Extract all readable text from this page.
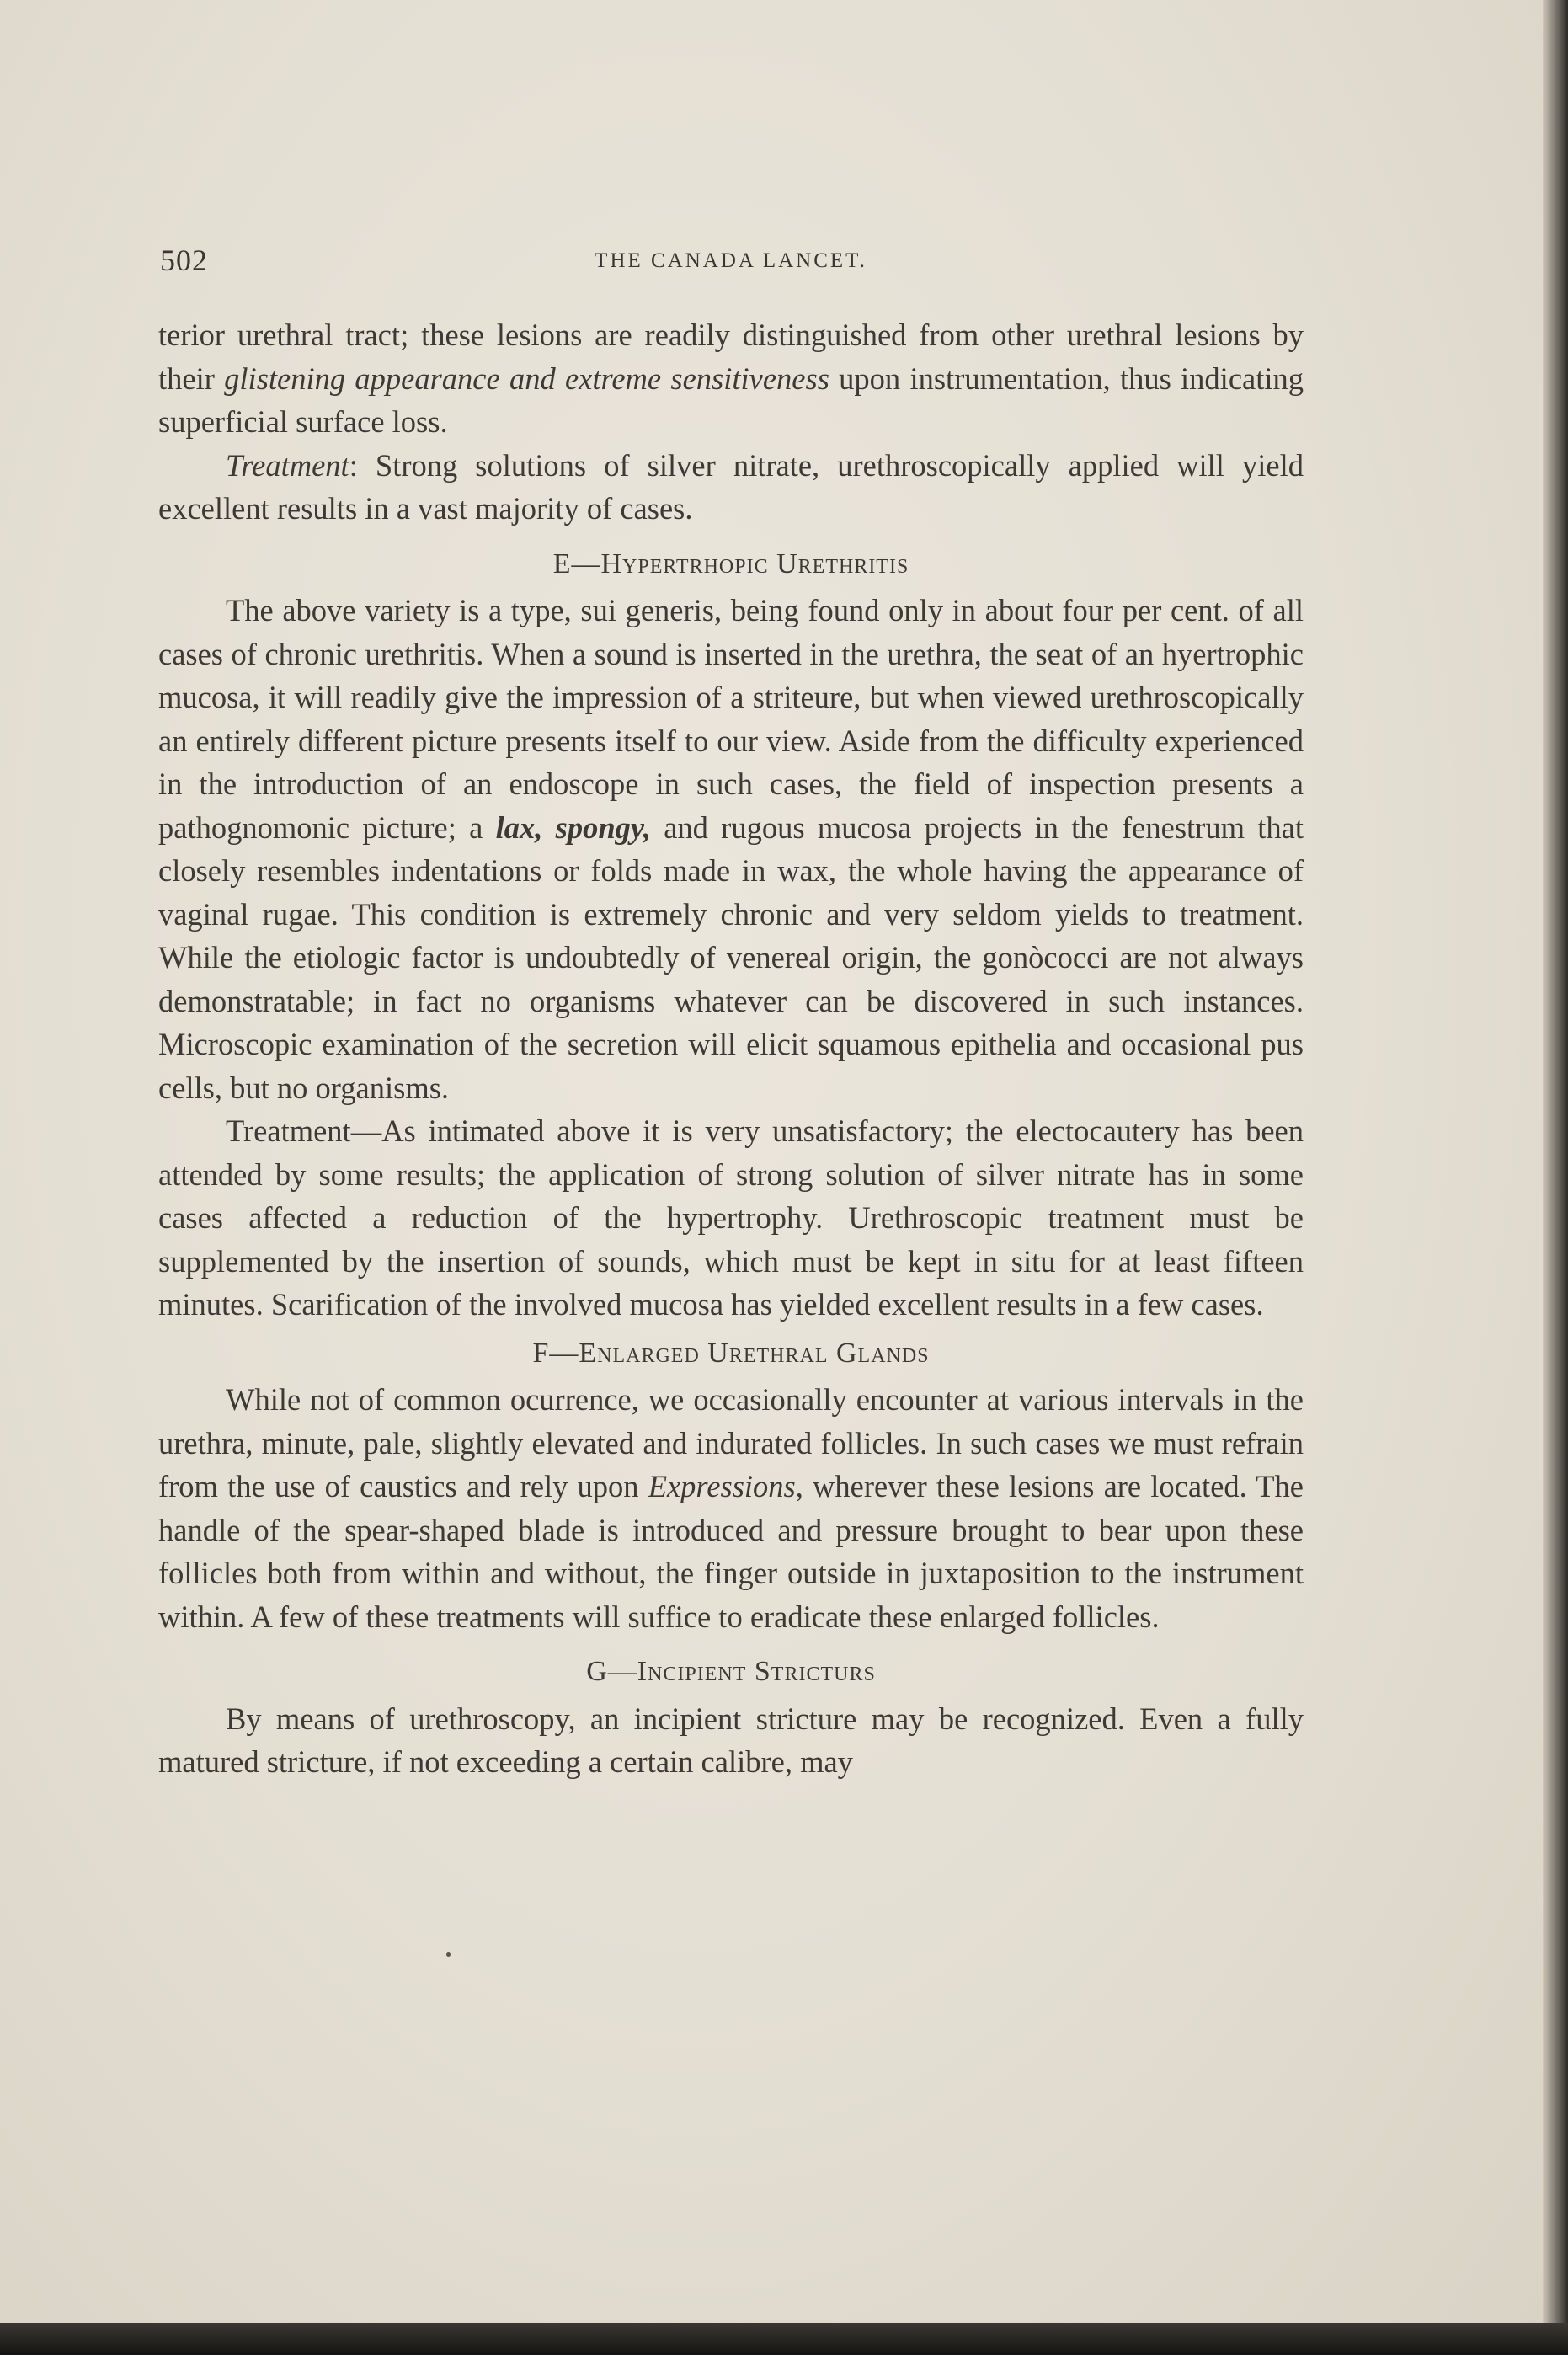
502	THE CANADA LANCET.

terior urethral tract; these lesions are readily distinguished from other urethral lesions by their glistening appearance and extreme sensitiveness upon instrumentation, thus indicating superficial surface loss.

Treatment: Strong solutions of silver nitrate, urethroscopically applied will yield excellent results in a vast majority of cases.

E—Hypertrhopic Urethritis

The above variety is a type, sui generis, being found only in about four per cent. of all cases of chronic urethritis. When a sound is inserted in the urethra, the seat of an hyertrophic mucosa, it will readily give the impression of a striteure, but when viewed urethroscopically an entirely different picture presents itself to our view. Aside from the difficulty experienced in the introduction of an endoscope in such cases, the field of inspection presents a pathognomonic picture; a lax, spongy, and rugous mucosa projects in the fenestrum that closely resembles indentations or folds made in wax, the whole having the appearance of vaginal rugae. This condition is extremely chronic and very seldom yields to treatment. While the etiologic factor is undoubtedly of venereal origin, the gonòcocci are not always demonstratable; in fact no organisms whatever can be discovered in such instances. Microscopic examination of the secretion will elicit squamous epithelia and occasional pus cells, but no organisms.

Treatment—As intimated above it is very unsatisfactory; the electocautery has been attended by some results; the application of strong solution of silver nitrate has in some cases affected a reduction of the hypertrophy. Urethroscopic treatment must be supplemented by the insertion of sounds, which must be kept in situ for at least fifteen minutes. Scarification of the involved mucosa has yielded excellent results in a few cases.

F—Enlarged Urethral Glands

While not of common ocurrence, we occasionally encounter at various intervals in the urethra, minute, pale, slightly elevated and indurated follicles. In such cases we must refrain from the use of caustics and rely upon Expressions, wherever these lesions are located. The handle of the spear-shaped blade is introduced and pressure brought to bear upon these follicles both from within and without, the finger outside in juxtaposition to the instrument within. A few of these treatments will suffice to eradicate these enlarged follicles.

G—Incipient Stricturs

By means of urethroscopy, an incipient stricture may be recognized. Even a fully matured stricture, if not exceeding a certain calibre, may
